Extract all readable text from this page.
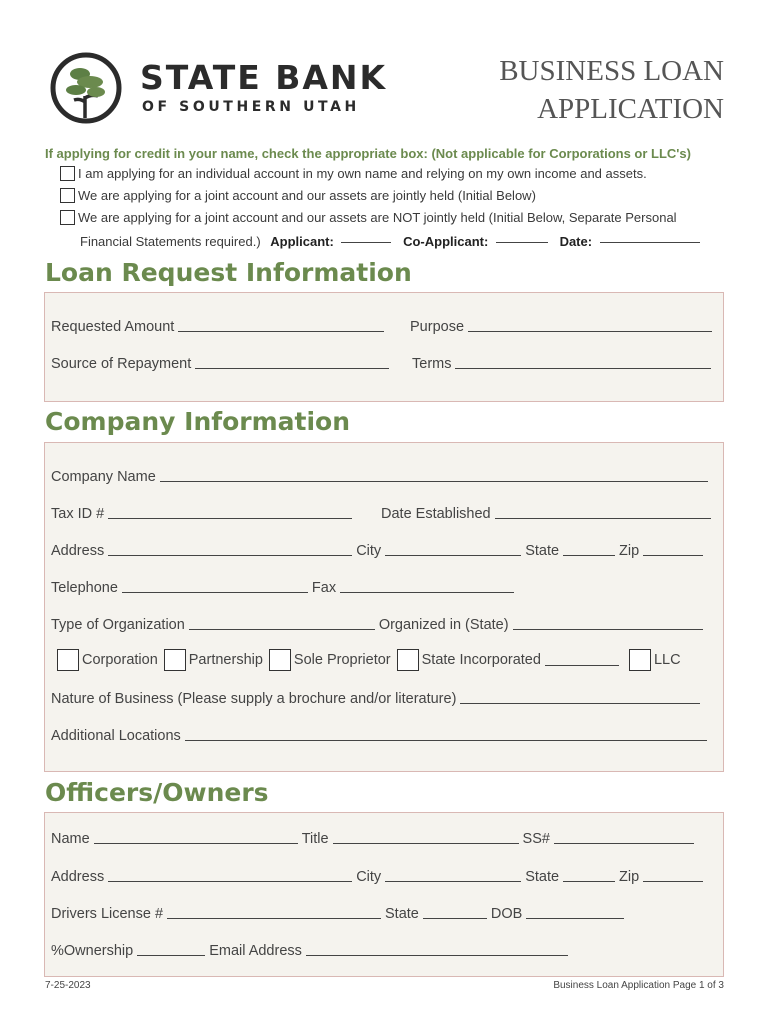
STATE BANK
OF SOUTHERN UTAH
BUSINESS LOAN
APPLICATION
If applying for credit in your name, check the appropriate box: (Not applicable for Corporations or LLC's)
I am applying for an individual account in my own name and relying on my own income and assets.
We are applying for a joint account and our assets are jointly held (Initial Below)
We are applying for a joint account and our assets are NOT jointly held (Initial Below, Separate Personal
Financial Statements required.) Applicant:	Co-Applicant:	Date:
Loan Request Information
Requested Amount	Purpose
Source of Repayment	Terms
Company Information
Company Name
Tax ID #	Date Established
Address	City	State	Zip
Telephone	Fax
Type of Organization	Organized in (State)
Corporation Partnership Sole Proprietor State Incorporated	LLC
Nature of Business (Please supply a brochure and/or literature)
Additional Locations
Officers/Owners
Name	Title	SS#
Address	City	State	Zip
Drivers License #	State	DOB
%Ownership	Email Address
7-25-2023	Business Loan Application Page 1 of 3
